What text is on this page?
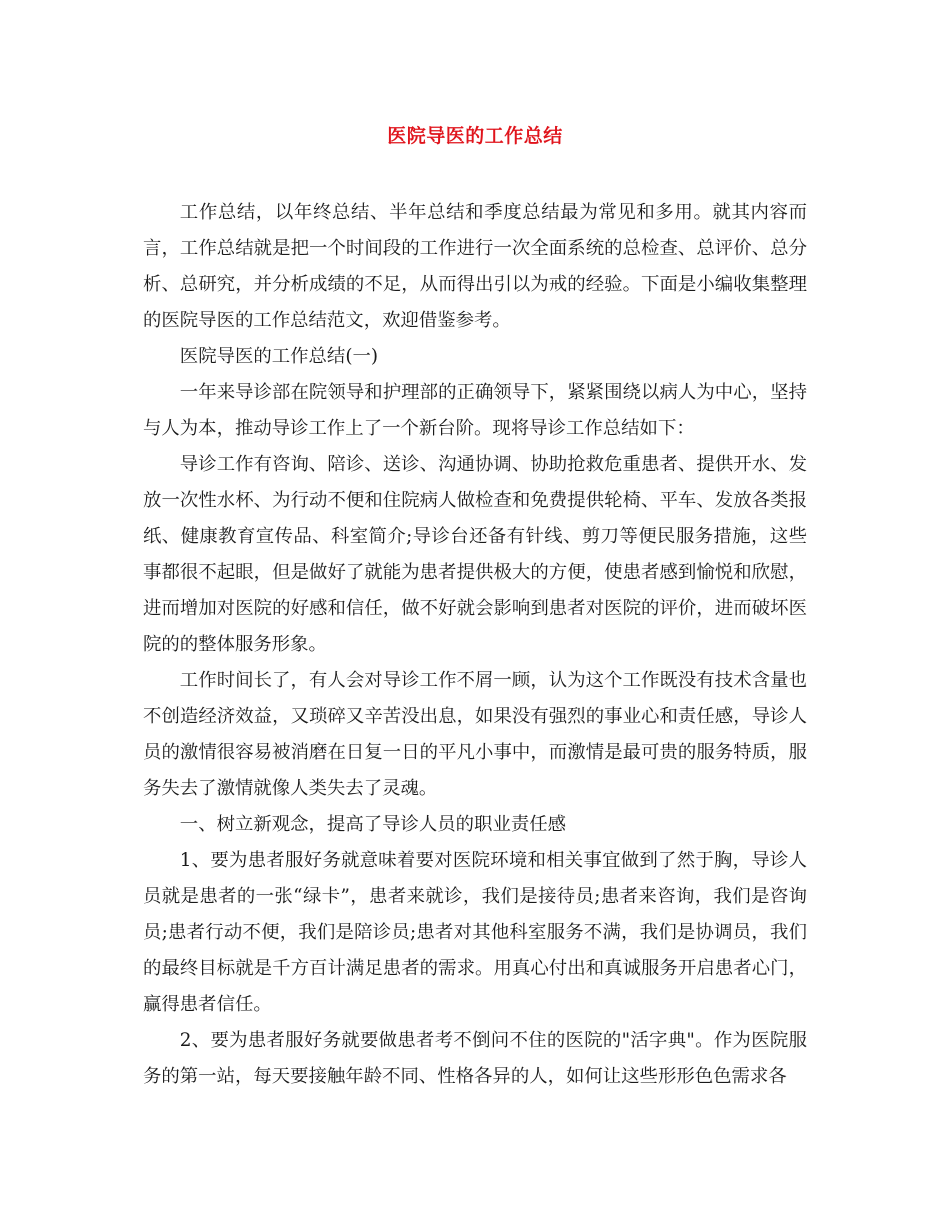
医院导医的工作总结

工作总结，以年终总结、半年总结和季度总结最为常见和多用。就其内容而言，工作总结就是把一个时间段的工作进行一次全面系统的总检查、总评价、总分析、总研究，并分析成绩的不足，从而得出引以为戒的经验。下面是小编收集整理的医院导医的工作总结范文，欢迎借鉴参考。

医院导医的工作总结(一)

一年来导诊部在院领导和护理部的正确领导下，紧紧围绕以病人为中心，坚持与人为本，推动导诊工作上了一个新台阶。现将导诊工作总结如下：

导诊工作有咨询、陪诊、送诊、沟通协调、协助抢救危重患者、提供开水、发放一次性水杯、为行动不便和住院病人做检查和免费提供轮椅、平车、发放各类报纸、健康教育宣传品、科室简介;导诊台还备有针线、剪刀等便民服务措施，这些事都很不起眼，但是做好了就能为患者提供极大的方便，使患者感到愉悦和欣慰，进而增加对医院的好感和信任，做不好就会影响到患者对医院的评价，进而破坏医院的的整体服务形象。

工作时间长了，有人会对导诊工作不屑一顾，认为这个工作既没有技术含量也不创造经济效益，又琐碎又辛苦没出息，如果没有强烈的事业心和责任感，导诊人员的激情很容易被消磨在日复一日的平凡小事中，而激情是最可贵的服务特质，服务失去了激情就像人类失去了灵魂。

一、树立新观念，提高了导诊人员的职业责任感

1、要为患者服好务就意味着要对医院环境和相关事宜做到了然于胸，导诊人员就是患者的一张“绿卡”，患者来就诊，我们是接待员;患者来咨询，我们是咨询员;患者行动不便，我们是陪诊员;患者对其他科室服务不满，我们是协调员，我们的最终目标就是千方百计满足患者的需求。用真心付出和真诚服务开启患者心门，赢得患者信任。

2、要为患者服好务就要做患者考不倒问不住的医院的"活字典"。作为医院服务的第一站，每天要接触年龄不同、性格各异的人，如何让这些形形色色需求各
